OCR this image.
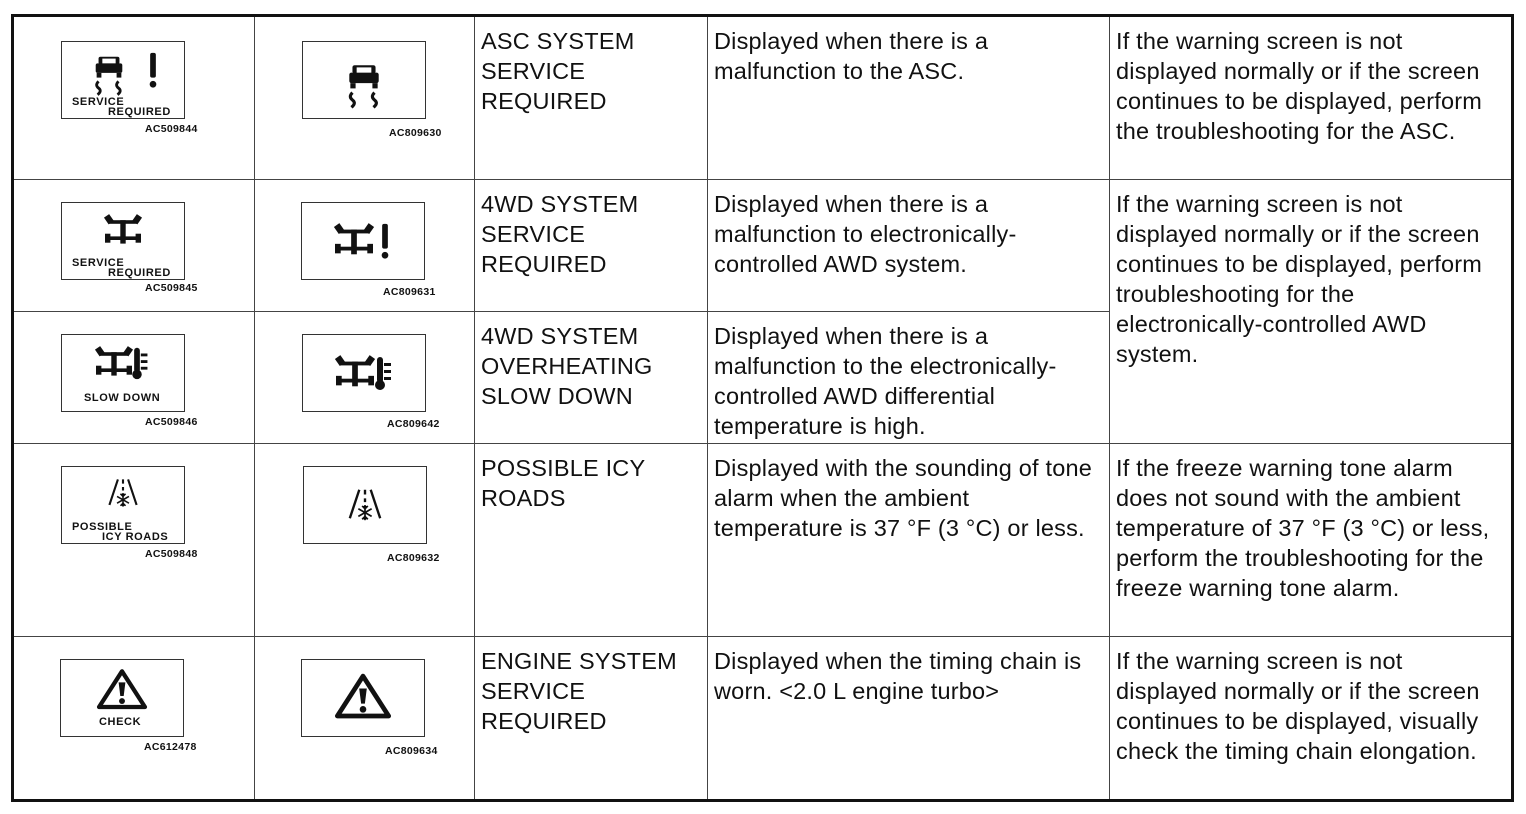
SERVICE
REQUIRED
AC509844	AC809630	ASC SYSTEM SERVICE REQUIRED	Displayed when there is a malfunction to the ASC.	If the warning screen is not displayed normally or if the screen continues to be displayed, perform the troubleshooting for the ASC.

SERVICE
REQUIRED
AC509845	AC809631	4WD SYSTEM SERVICE REQUIRED	Displayed when there is a malfunction to electronically-controlled AWD system.	If the warning screen is not displayed normally or if the screen continues to be displayed, perform troubleshooting for the electronically-controlled AWD system.

SLOW DOWN
AC509846	AC809642	4WD SYSTEM OVERHEATING SLOW DOWN	Displayed when there is a malfunction to the electronically-controlled AWD differential temperature is high.	

POSSIBLE
ICY ROADS
AC509848	AC809632	POSSIBLE ICY ROADS	Displayed with the sounding of tone alarm when the ambient temperature is 37 °F (3 °C) or less.	If the freeze warning tone alarm does not sound with the ambient temperature of 37 °F (3 °C) or less, perform the troubleshooting for the freeze warning tone alarm.

CHECK
AC612478	AC809634	ENGINE SYSTEM SERVICE REQUIRED	Displayed when the timing chain is worn. <2.0 L engine turbo>	If the warning screen is not displayed normally or if the screen continues to be displayed, visually check the timing chain elongation.
